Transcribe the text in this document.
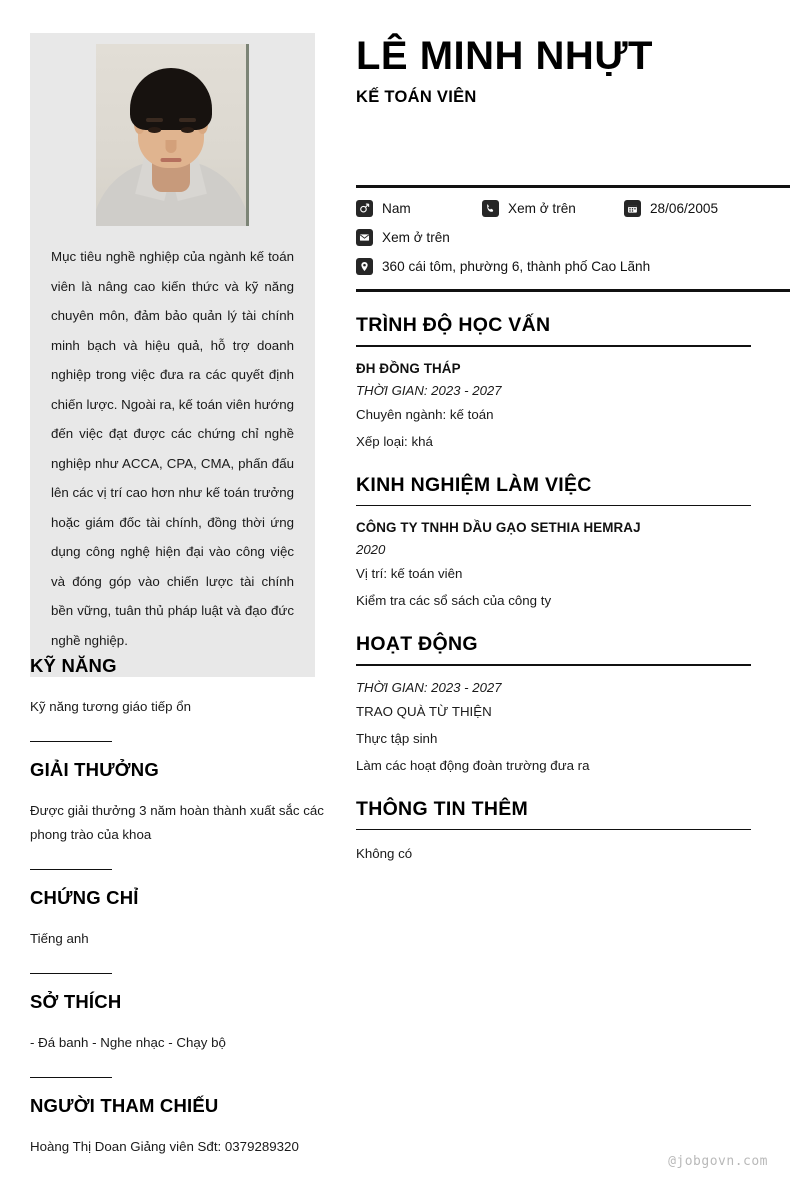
Mục tiêu nghề nghiệp của ngành kế toán viên là nâng cao kiến thức và kỹ năng chuyên môn, đảm bảo quản lý tài chính minh bạch và hiệu quả, hỗ trợ doanh nghiệp trong việc đưa ra các quyết định chiến lược. Ngoài ra, kế toán viên hướng đến việc đạt được các chứng chỉ nghề nghiệp như ACCA, CPA, CMA, phấn đấu lên các vị trí cao hơn như kế toán trưởng hoặc giám đốc tài chính, đồng thời ứng dụng công nghệ hiện đại vào công việc và đóng góp vào chiến lược tài chính bền vững, tuân thủ pháp luật và đạo đức nghề nghiệp.
KỸ NĂNG

Kỹ năng tương giáo tiếp ổn

GIẢI THƯỞNG

Được giải thưởng 3 năm hoàn thành xuất sắc các phong trào của khoa

CHỨNG CHỈ

Tiếng anh

SỞ THÍCH

- Đá banh - Nghe nhạc - Chạy bộ

NGƯỜI THAM CHIẾU

Hoàng Thị Doan Giảng viên Sđt: 0379289320

LÊ MINH NHỰT
KẾ TOÁN VIÊN
Nam	Xem ở trên	28/06/2005
Xem ở trên
360 cái tôm, phường 6, thành phố Cao Lãnh
TRÌNH ĐỘ HỌC VẤN
ĐH ĐỒNG THÁP
THỜI GIAN: 2023 - 2027
Chuyên ngành: kế toán
Xếp loại: khá
KINH NGHIỆM LÀM VIỆC
CÔNG TY TNHH DẦU GẠO SETHIA HEMRAJ
2020
Vị trí: kế toán viên
Kiểm tra các sổ sách của công ty
HOẠT ĐỘNG
THỜI GIAN: 2023 - 2027
TRAO QUÀ TỪ THIỆN
Thực tập sinh
Làm các hoạt động đoàn trường đưa ra
THÔNG TIN THÊM
Không có
@jobgovn.com
